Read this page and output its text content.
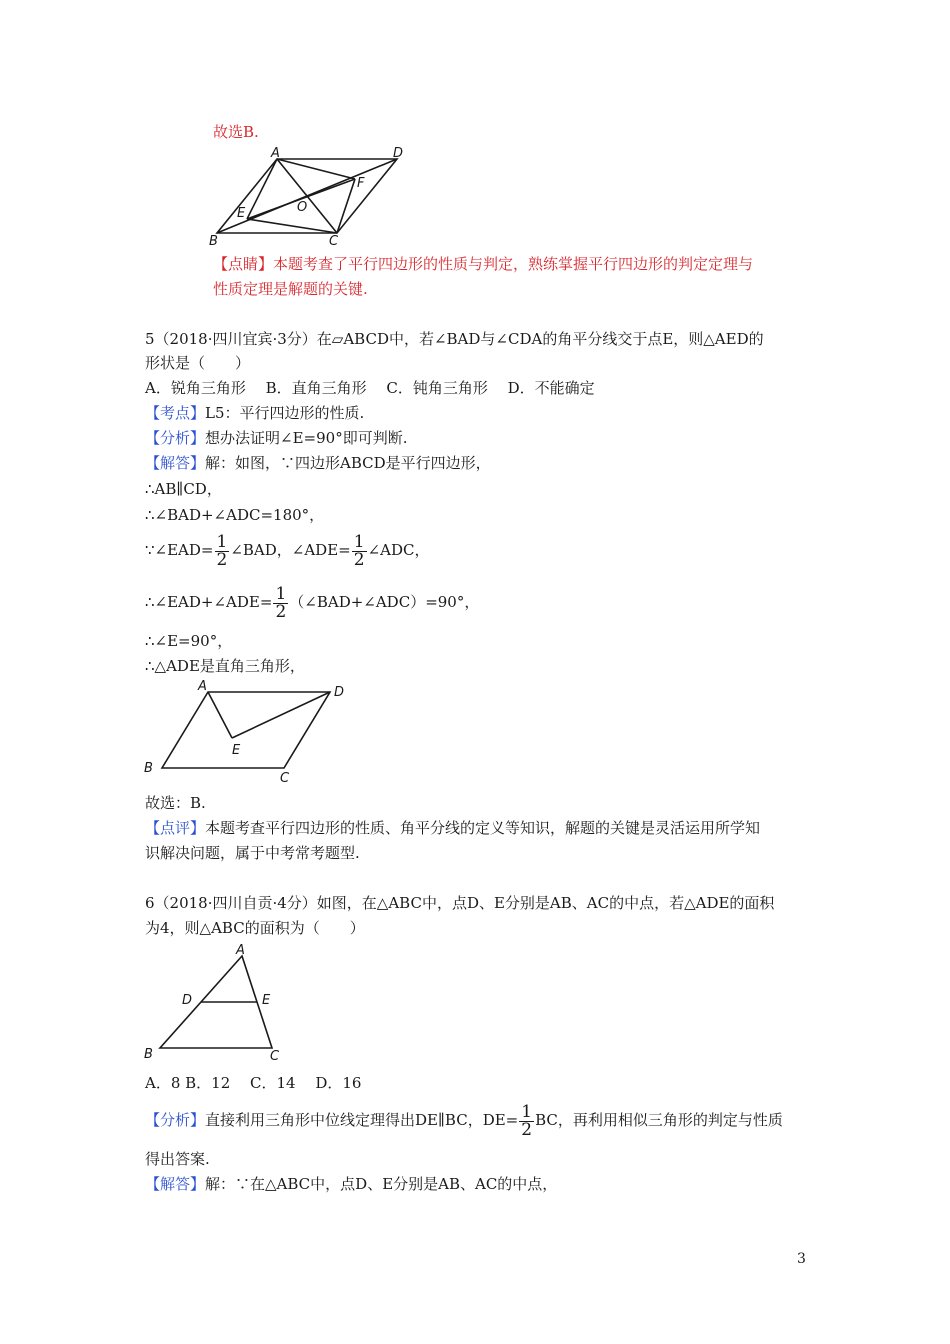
故选B.
A	D
F
O
E
B	C
【点睛】本题考查了平行四边形的性质与判定，熟练掌握平行四边形的判定定理与
性质定理是解题的关键.
5（2018·四川宜宾·3分）在▱ABCD中，若∠BAD与∠CDA的角平分线交于点E，则△AED的
形状是（　　）
A．锐角三角形　 B．直角三角形　 C．钝角三角形　 D．不能确定
【考点】L5：平行四边形的性质.
【分析】想办法证明∠E=90°即可判断.
【解答】解：如图，∵四边形ABCD是平行四边形，
∴AB∥CD，
∴∠BAD+∠ADC=180°，
∵∠EAD= $\frac{1}{2}$ ∠BAD，∠ADE= $\frac{1}{2}$ ∠ADC，
∴∠EAD+∠ADE= $\frac{1}{2}$ （∠BAD+∠ADC）=90°，
∴∠E=90°，
∴△ADE是直角三角形，
A	D
E
B
C
故选：B.
【点评】本题考查平行四边形的性质、角平分线的定义等知识，解题的关键是灵活运用所学知
识解决问题，属于中考常考题型.
6（2018·四川自贡·4分）如图，在△ABC中，点D、E分别是AB、AC的中点，若△ADE的面积
为4，则△ABC的面积为（　　）
A
D	E
B	C
A．8 B．12　 C．14　 D．16
【分析】直接利用三角形中位线定理得出DE∥BC，$DE= \frac{1}{2}$ BC，再利用相似三角形的判定与性质
得出答案.
【解答】解：∵在△ABC中，点D、E分别是AB、AC的中点，
3
